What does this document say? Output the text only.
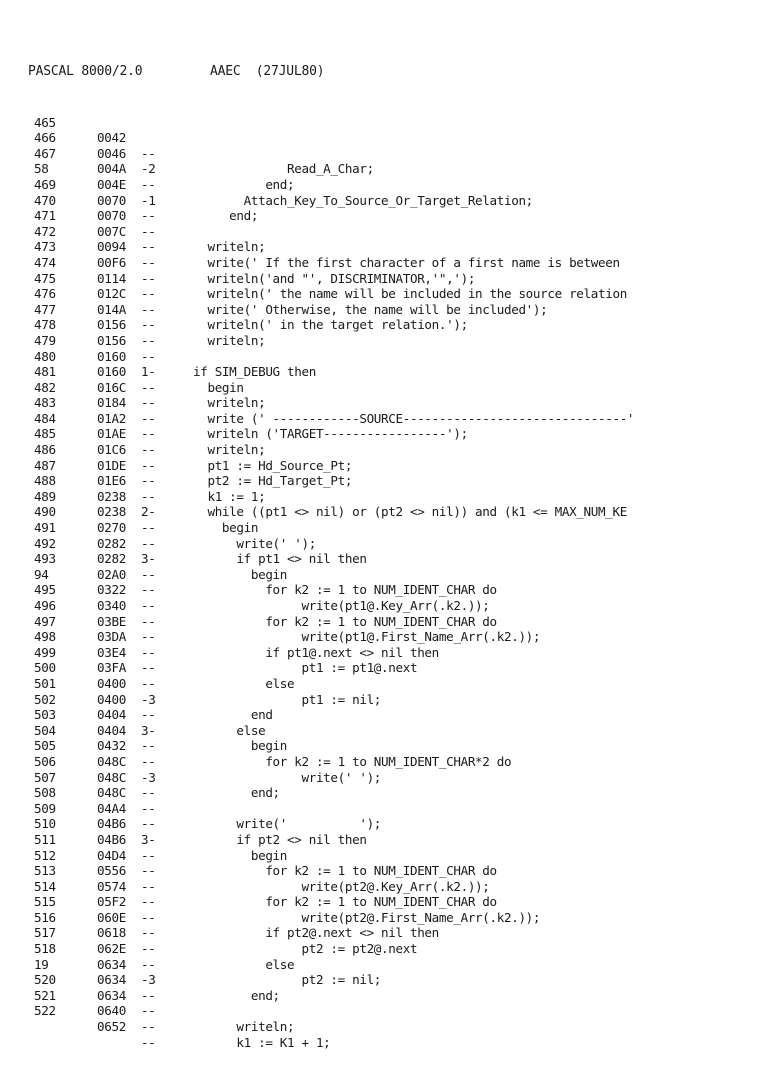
PASCAL 8000/2.0	AAEC  (27JUL80)

465

0042

--

Read_A_Char;

466

0046

-2

end;

467

004A

--

Attach_Key_To_Source_Or_Target_Relation;

58

004E

-1

end;

469

0070

--

470

0070

--

writeln;

471

007C

--

write(' If the first character of a first name is between

472

0094

--

writeln('and "', DISCRIMINATOR,'",');

473

00F6

--

writeln(' the name will be included in the source relation

474

0114

--

write(' Otherwise, the name will be included');

475

012C

--

writeln(' in the target relation.');

476

014A

--

writeln;

477

0156

--

478

0156

--

if SIM_DEBUG then

479

0160

1-

begin

480

0160

--

writeln;

481

016C

--

write (' ------------SOURCE-------------------------------'

482

0184

--

writeln ('TARGET-----------------');

483

01A2

--

writeln;

484

01AE

--

pt1 := Hd_Source_Pt;

485

01C6

--

pt2 := Hd_Target_Pt;

486

01DE

--

k1 := 1;

487

01E6

--

while ((pt1 <> nil) or (pt2 <> nil)) and (k1 <= MAX_NUM_KE

488

0238

2-

begin

489

0238

--

write(' ');

490

0270

--

if pt1 <> nil then

491

0282

3-

begin

492

0282

--

for k2 := 1 to NUM_IDENT_CHAR do

493

02A0

--

write(pt1@.Key_Arr(.k2.));

94

0322

--

for k2 := 1 to NUM_IDENT_CHAR do

495

0340

--

write(pt1@.First_Name_Arr(.k2.));

496

03BE

--

if pt1@.next <> nil then

497

03DA

--

pt1 := pt1@.next

498

03E4

--

else

499

03FA

--

pt1 := nil;

500

0400

-3

end

501

0400

--

else

502

0404

3-

begin

503

0404

--

for k2 := 1 to NUM_IDENT_CHAR*2 do

504

0432

--

write(' ');

505

048C

-3

end;

506

048C

--

507

048C

--

write('          ');

508

04A4

--

if pt2 <> nil then

509

04B6

3-

begin

510

04B6

--

for k2 := 1 to NUM_IDENT_CHAR do

511

04D4

--

write(pt2@.Key_Arr(.k2.));

512

0556

--

for k2 := 1 to NUM_IDENT_CHAR do

513

0574

--

write(pt2@.First_Name_Arr(.k2.));

514

05F2

--

if pt2@.next <> nil then

515

060E

--

pt2 := pt2@.next

516

0618

--

else

517

062E

--

pt2 := nil;

518

0634

-3

end;

19

0634

--

520

0634

--

writeln;

521

0640

--

k1 := K1 + 1;

522

0652

--
